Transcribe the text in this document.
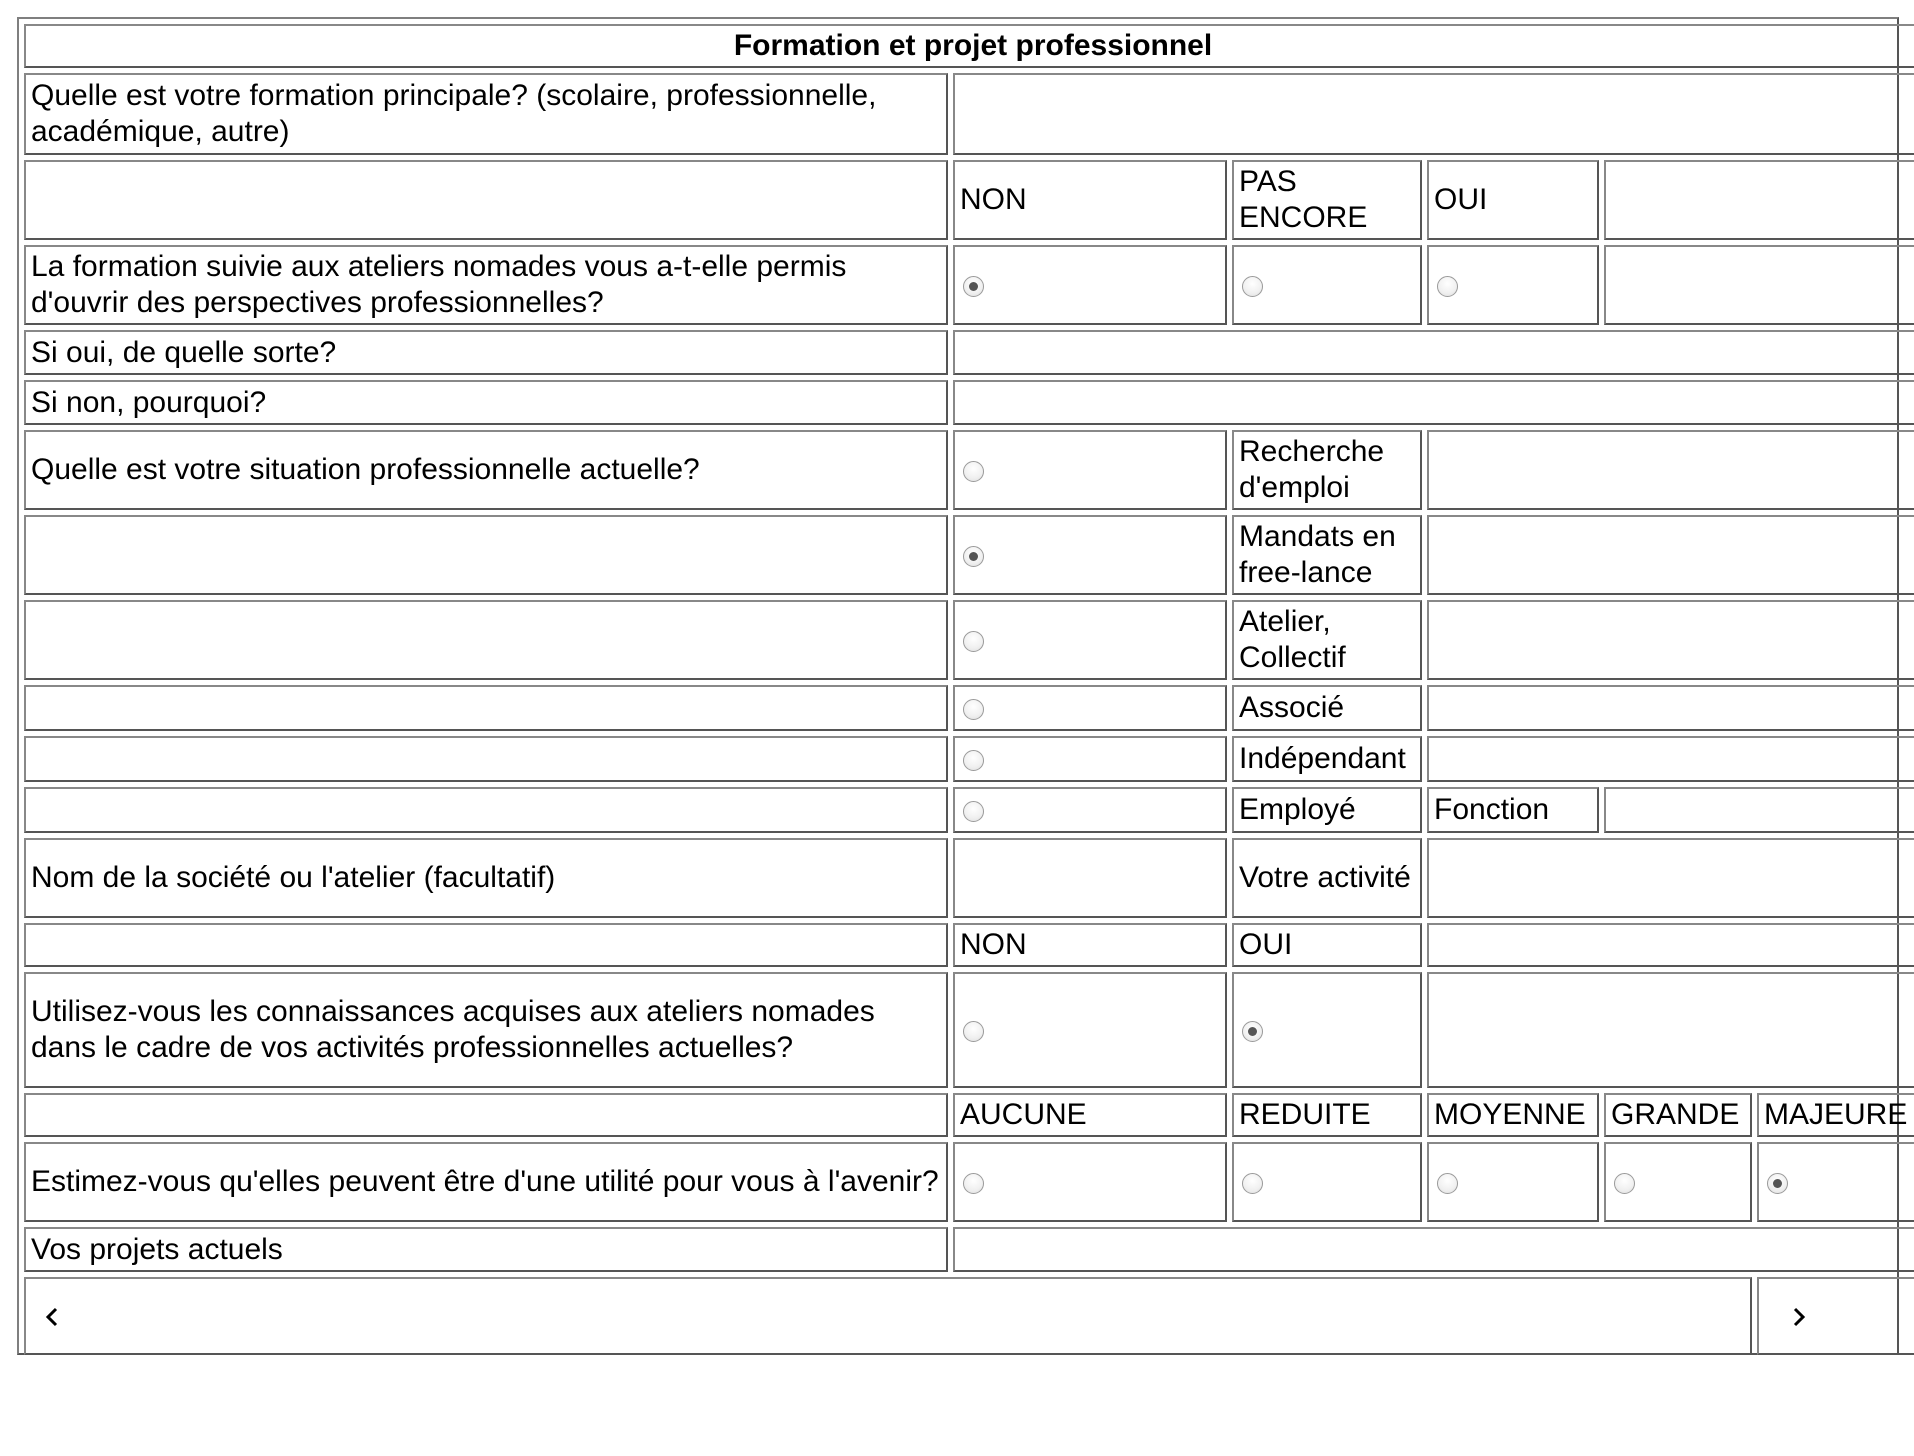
Formation et projet professionnel					
Quelle est votre formation principale? (scolaire, professionnelle, académique, autre)					
	NON	PAS ENCORE	OUI		
La formation suivie aux ateliers nomades vous a-t-elle permis d'ouvrir des perspectives professionnelles?					
Si oui, de quelle sorte?					
Si non, pourquoi?					
Quelle est votre situation professionnelle actuelle?		Recherche d'emploi			
		Mandats en free-lance			
		Atelier, Collectif			
		Associé			
		Indépendant			
		Employé	Fonction		
Nom de la société ou l'atelier (facultatif)		Votre activité			
	NON	OUI			
Utilisez-vous les connaissances acquises aux ateliers nomades dans le cadre de vos activités professionnelles actuelles?					
	AUCUNE	REDUITE	MOYENNE	GRANDE	MAJEURE
Estimez-vous qu'elles peuvent être d'une utilité pour vous à l'avenir?					
Vos projets actuels					
